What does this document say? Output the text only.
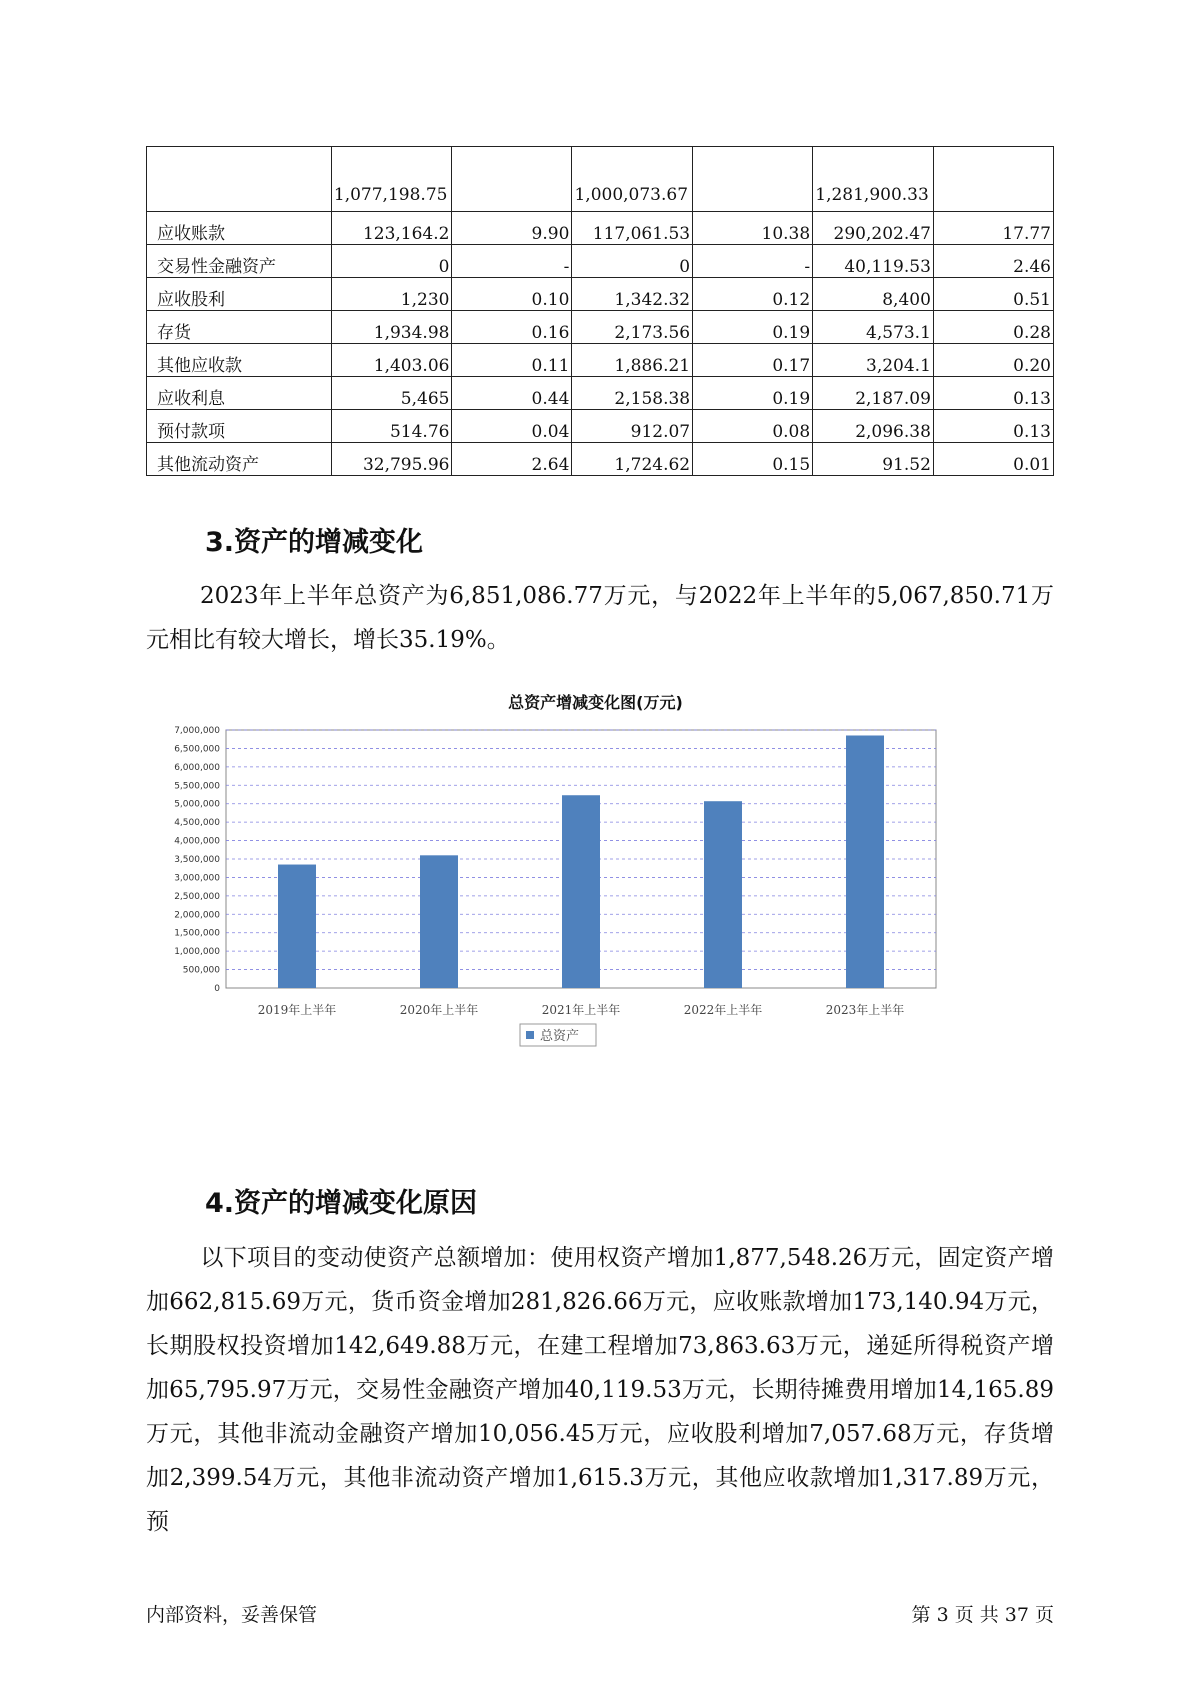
	1,077,198.75		1,000,073.67		1,281,900.33	

应收账款	123,164.2	9.90	117,061.53	10.38	290,202.47	17.77
交易性金融资产	0	-	0	-	40,119.53	2.46
应收股利	1,230	0.10	1,342.32	0.12	8,400	0.51
存货	1,934.98	0.16	2,173.56	0.19	4,573.1	0.28
其他应收款	1,403.06	0.11	1,886.21	0.17	3,204.1	0.20
应收利息	5,465	0.44	2,158.38	0.19	2,187.09	0.13
预付款项	514.76	0.04	912.07	0.08	2,096.38	0.13
其他流动资产	32,795.96	2.64	1,724.62	0.15	91.52	0.01
3.资产的增减变化
2023年上半年总资产为6,851,086.77万元，与2022年上半年的5,067,850.71万元相比有较大增长，增长35.19%。
总资产增减变化图(万元)
0
500,000
1,000,000
1,500,000
2,000,000
2,500,000
3,000,000
3,500,000
4,000,000
4,500,000
5,000,000
5,500,000
6,000,000
6,500,000
7,000,000
2019年上半年	2020年上半年	2021年上半年	2022年上半年	2023年上半年
总资产
4.资产的增减变化原因
以下项目的变动使资产总额增加：使用权资产增加1,877,548.26万元，固定资产增加662,815.69万元，货币资金增加281,826.66万元，应收账款增加173,140.94万元，长期股权投资增加142,649.88万元，在建工程增加73,863.63万元，递延所得税资产增加65,795.97万元，交易性金融资产增加40,119.53万元，长期待摊费用增加14,165.89万元，其他非流动金融资产增加10,056.45万元，应收股利增加7,057.68万元，存货增加2,399.54万元，其他非流动资产增加1,615.3万元，其他应收款增加1,317.89万元，预
内部资料，妥善保管	第 3 页 共 37 页
